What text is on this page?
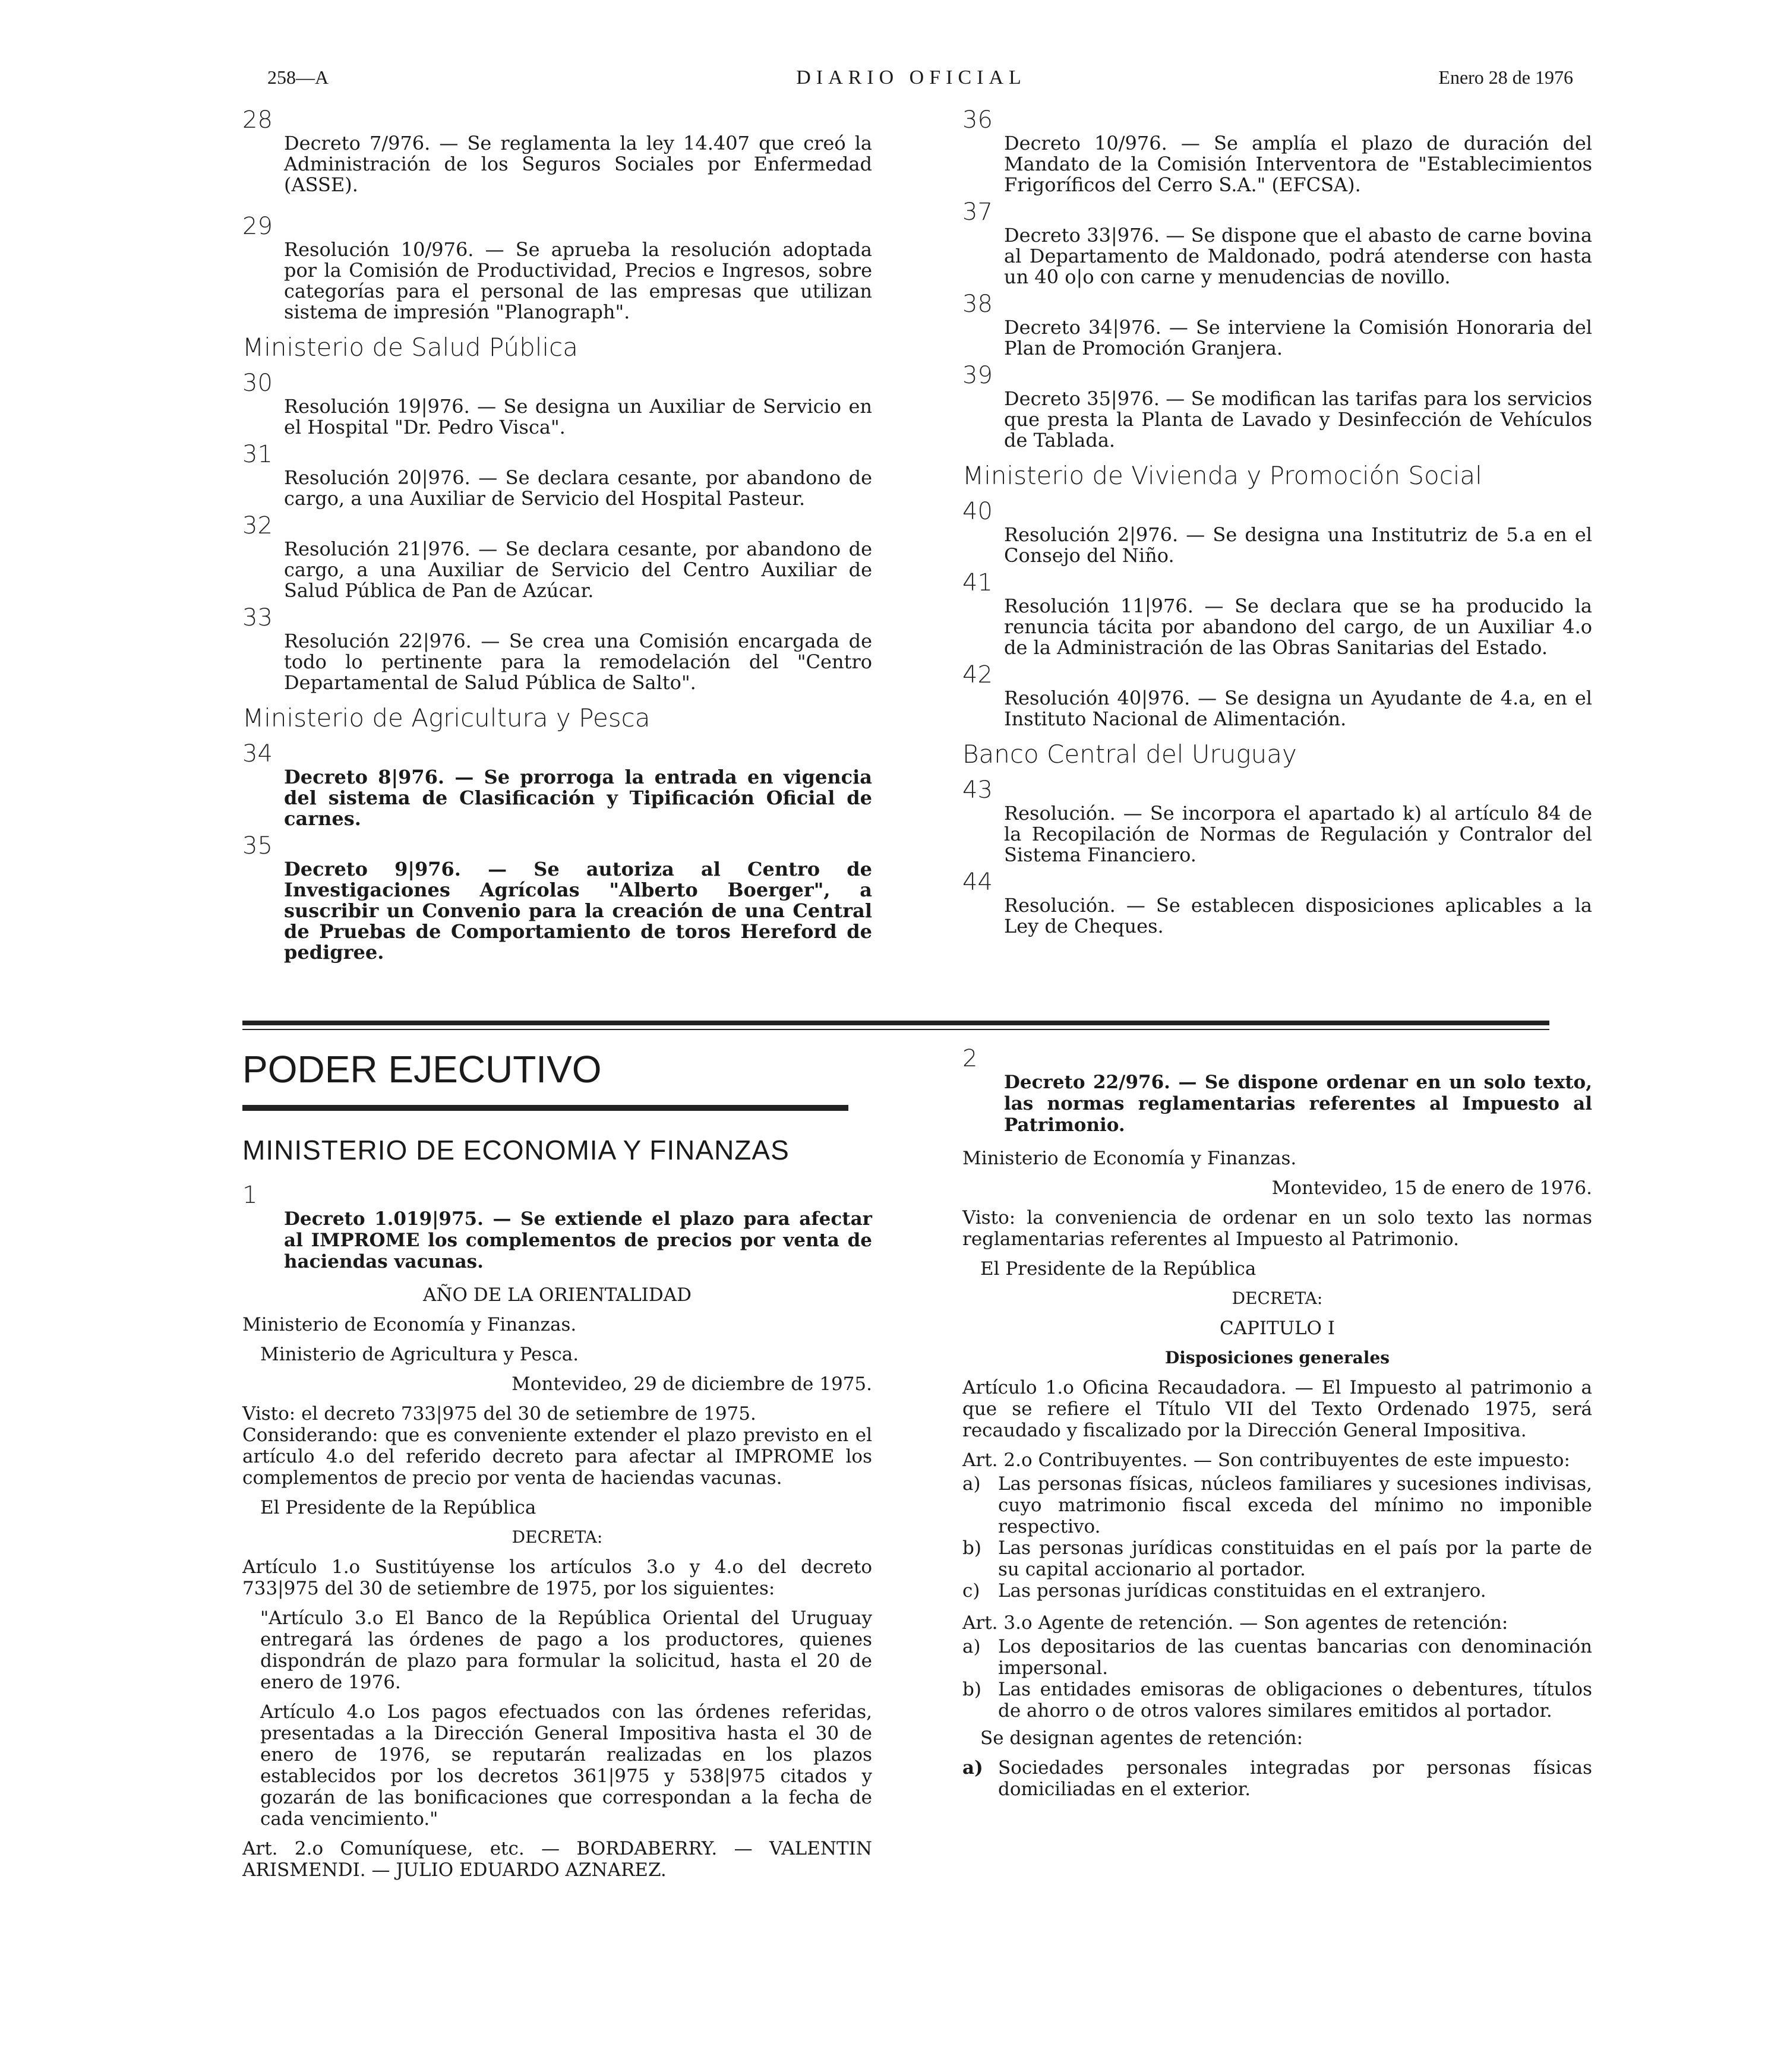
258—A	DIARIO OFICIAL	Enero 28 de 1976
28
Decreto 7/976. — Se reglamenta la ley 14.407 que creó la Administración de los Seguros Sociales por Enfermedad (ASSE).
29
Resolución 10/976. — Se aprueba la resolución adoptada por la Comisión de Productividad, Precios e Ingresos, sobre categorías para el personal de las empresas que utilizan sistema de impresión "Planograph".
Ministerio de Salud Pública
30
Resolución 19|976. — Se designa un Auxiliar de Servicio en el Hospital "Dr. Pedro Visca".
31
Resolución 20|976. — Se declara cesante, por abandono de cargo, a una Auxiliar de Servicio del Hospital Pasteur.
32
Resolución 21|976. — Se declara cesante, por abandono de cargo, a una Auxiliar de Servicio del Centro Auxiliar de Salud Pública de Pan de Azúcar.
33
Resolución 22|976. — Se crea una Comisión encargada de todo lo pertinente para la remodelación del "Centro Departamental de Salud Pública de Salto".
Ministerio de Agricultura y Pesca
34
Decreto 8|976. — Se prorroga la entrada en vigencia del sistema de Clasificación y Tipificación Oficial de carnes.
35
Decreto 9|976. — Se autoriza al Centro de Investigaciones Agrícolas "Alberto Boerger", a suscribir un Convenio para la creación de una Central de Pruebas de Comportamiento de toros Hereford de pedigree.
36
Decreto 10/976. — Se amplía el plazo de duración del Mandato de la Comisión Interventora de "Establecimientos Frigoríficos del Cerro S.A." (EFCSA).
37
Decreto 33|976. — Se dispone que el abasto de carne bovina al Departamento de Maldonado, podrá atenderse con hasta un 40 o|o con carne y menudencias de novillo.
38
Decreto 34|976. — Se interviene la Comisión Honoraria del Plan de Promoción Granjera.
39
Decreto 35|976. — Se modifican las tarifas para los servicios que presta la Planta de Lavado y Desinfección de Vehículos de Tablada.
Ministerio de Vivienda y Promoción Social
40
Resolución 2|976. — Se designa una Institutriz de 5.a en el Consejo del Niño.
41
Resolución 11|976. — Se declara que se ha producido la renuncia tácita por abandono del cargo, de un Auxiliar 4.o de la Administración de las Obras Sanitarias del Estado.
42
Resolución 40|976. — Se designa un Ayudante de 4.a, en el Instituto Nacional de Alimentación.
Banco Central del Uruguay
43
Resolución. — Se incorpora el apartado k) al artículo 84 de la Recopilación de Normas de Regulación y Contralor del Sistema Financiero.
44
Resolución. — Se establecen disposiciones aplicables a la Ley de Cheques.
PODER EJECUTIVO
MINISTERIO DE ECONOMIA Y FINANZAS
1
Decreto 1.019|975. — Se extiende el plazo para afectar al IMPROME los complementos de precios por venta de haciendas vacunas.
AÑO DE LA ORIENTALIDAD
Ministerio de Economía y Finanzas.
Ministerio de Agricultura y Pesca.
Montevideo, 29 de diciembre de 1975.
Visto: el decreto 733|975 del 30 de setiembre de 1975.
Considerando: que es conveniente extender el plazo previsto en el artículo 4.o del referido decreto para afectar al IMPROME los complementos de precio por venta de haciendas vacunas.
El Presidente de la República
DECRETA:
Artículo 1.o Sustitúyense los artículos 3.o y 4.o del decreto 733|975 del 30 de setiembre de 1975, por los siguientes:
"Artículo 3.o El Banco de la República Oriental del Uruguay entregará las órdenes de pago a los productores, quienes dispondrán de plazo para formular la solicitud, hasta el 20 de enero de 1976.
Artículo 4.o Los pagos efectuados con las órdenes referidas, presentadas a la Dirección General Impositiva hasta el 30 de enero de 1976, se reputarán realizadas en los plazos establecidos por los decretos 361|975 y 538|975 citados y gozarán de las bonificaciones que correspondan a la fecha de cada vencimiento."
Art. 2.o Comuníquese, etc. — BORDABERRY. — VALENTIN ARISMENDI. — JULIO EDUARDO AZNAREZ.
2
Decreto 22/976. — Se dispone ordenar en un solo texto, las normas reglamentarias referentes al Impuesto al Patrimonio.
Ministerio de Economía y Finanzas.
Montevideo, 15 de enero de 1976.
Visto: la conveniencia de ordenar en un solo texto las normas reglamentarias referentes al Impuesto al Patrimonio.
El Presidente de la República
DECRETA:
CAPITULO I
Disposiciones generales
Artículo 1.o Oficina Recaudadora. — El Impuesto al patrimonio a que se refiere el Título VII del Texto Ordenado 1975, será recaudado y fiscalizado por la Dirección General Impositiva.
Art. 2.o Contribuyentes. — Son contribuyentes de este impuesto:
a) Las personas físicas, núcleos familiares y sucesiones indivisas, cuyo matrimonio fiscal exceda del mínimo no imponible respectivo.
b) Las personas jurídicas constituidas en el país por la parte de su capital accionario al portador.
c) Las personas jurídicas constituidas en el extranjero.
Art. 3.o Agente de retención. — Son agentes de retención:
a) Los depositarios de las cuentas bancarias con denominación impersonal.
b) Las entidades emisoras de obligaciones o debentures, títulos de ahorro o de otros valores similares emitidos al portador.
Se designan agentes de retención:
a) Sociedades personales integradas por personas físicas domiciliadas en el exterior.
